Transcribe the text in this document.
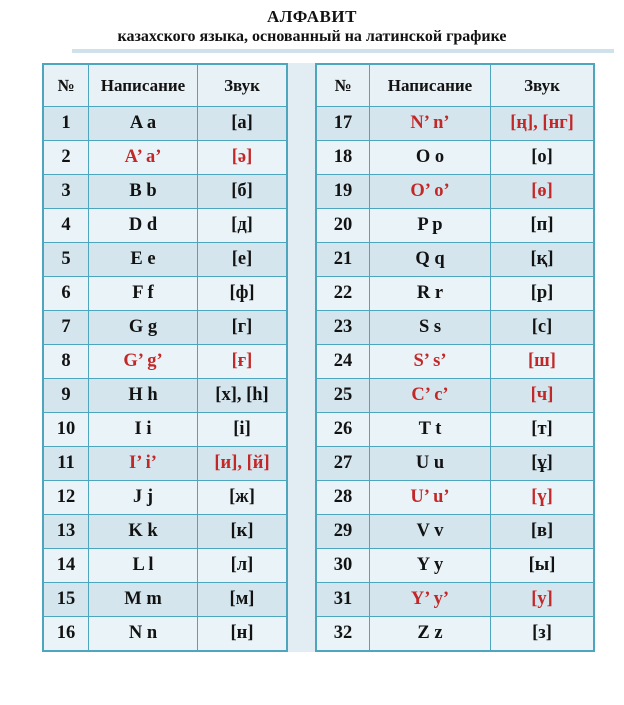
АЛФАВИТ
казахского языка, основанный на латинской графике
№	Написание	Звук
1	A a	[а]
2	A’ a’	[ә]
3	B b	[б]
4	D d	[д]
5	E e	[е]
6	F f	[ф]
7	G g	[г]
8	G’ g’	[ғ]
9	H h	[х], [h]
10	I i	[i]
11	I’ i’	[и], [й]
12	J j	[ж]
13	K k	[к]
14	L l	[л]
15	M m	[м]
16	N n	[н]
№	Написание	Звук
17	N’ n’	[ң], [нг]
18	O o	[о]
19	O’ o’	[ө]
20	P p	[п]
21	Q q	[қ]
22	R r	[р]
23	S s	[с]
24	S’ s’	[ш]
25	C’ c’	[ч]
26	T t	[т]
27	U u	[ұ]
28	U’ u’	[ү]
29	V v	[в]
30	Y y	[ы]
31	Y’ y’	[у]
32	Z z	[з]
